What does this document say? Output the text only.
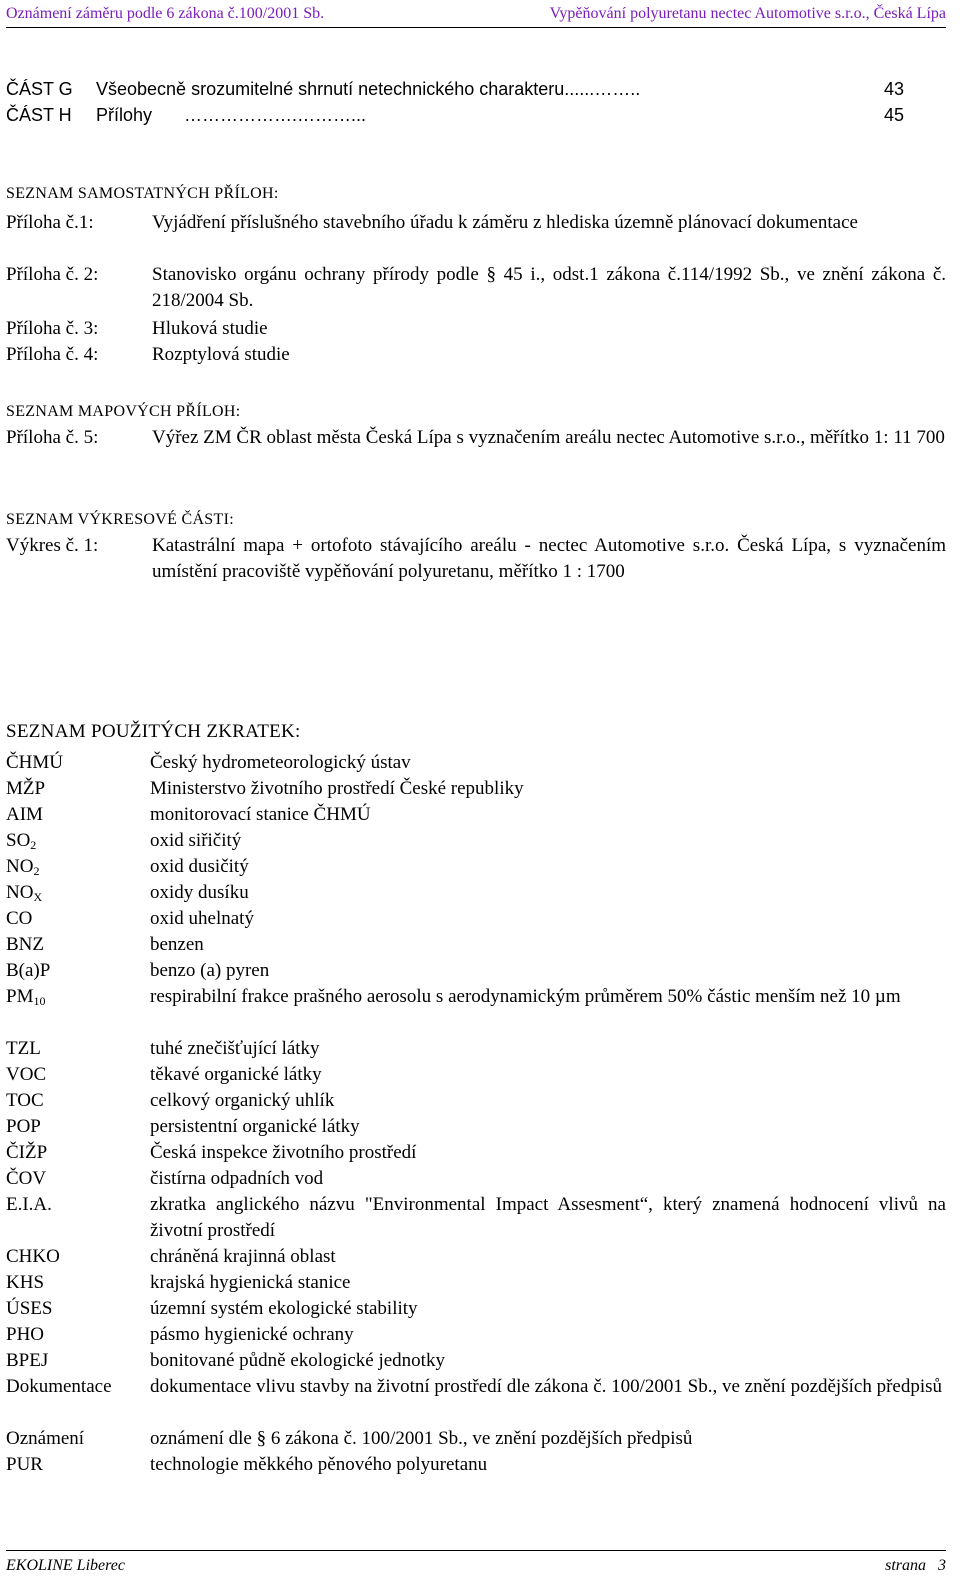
Oznámení záměru podle 6 zákona č.100/2001 Sb.	Vypěňování polyuretanu nectec Automotive s.r.o., Česká Lípa
ČÁST G Všeobecně srozumitelné shrnutí netechnického charakteru......……..	43
ČÁST H Přílohy ……………….………...	45
SEZNAM SAMOSTATNÝCH PŘÍLOH:
Příloha č.1:	Vyjádření příslušného stavebního úřadu k záměru z hlediska územně plánovací dokumentace
Příloha č. 2:	Stanovisko orgánu ochrany přírody podle § 45 i., odst.1 zákona č.114/1992 Sb., ve znění zákona č. 218/2004 Sb.
Příloha č. 3:	Hluková studie
Příloha č. 4:	Rozptylová studie
SEZNAM MAPOVÝCH PŘÍLOH:
Příloha č. 5:	Výřez ZM ČR oblast města Česká Lípa s vyznačením areálu nectec Automotive s.r.o., měřítko 1: 11 700
SEZNAM VÝKRESOVÉ ČÁSTI:
Výkres č. 1:	Katastrální mapa + ortofoto stávajícího areálu - nectec Automotive s.r.o. Česká Lípa, s vyznačením umístění pracoviště vypěňování polyuretanu, měřítko 1 : 1700
SEZNAM POUŽITÝCH ZKRATEK:
ČHMÚ	Český hydrometeorologický ústav
MŽP	Ministerstvo životního prostředí České republiky
AIM	monitorovací stanice ČHMÚ
$SO_2$	oxid siřičitý
$NO_2$	oxid dusičitý
$NO_X$	oxidy dusíku
CO	oxid uhelnatý
BNZ	benzen
B(a)P	benzo (a) pyren
$PM_{10}$	respirabilní frakce prašného aerosolu s aerodynamickým průměrem 50% částic menším než 10 µm
TZL	tuhé znečišťující látky
VOC	těkavé organické látky
TOC	celkový organický uhlík
POP	persistentní organické látky
ČIŽP	Česká inspekce životního prostředí
ČOV	čistírna odpadních vod
E.I.A.	zkratka anglického názvu "Environmental Impact Assesment“, který znamená hodnocení vlivů na životní prostředí
CHKO	chráněná krajinná oblast
KHS	krajská hygienická stanice
ÚSES	územní systém ekologické stability
PHO	pásmo hygienické ochrany
BPEJ	bonitované půdně ekologické jednotky
Dokumentace dokumentace vlivu stavby na životní prostředí dle zákona č. 100/2001 Sb., ve znění pozdějších předpisů
Oznámení	oznámení dle § 6 zákona č. 100/2001 Sb., ve znění pozdějších předpisů
PUR	technologie měkkého pěnového polyuretanu
EKOLINE Liberec	strana 3
